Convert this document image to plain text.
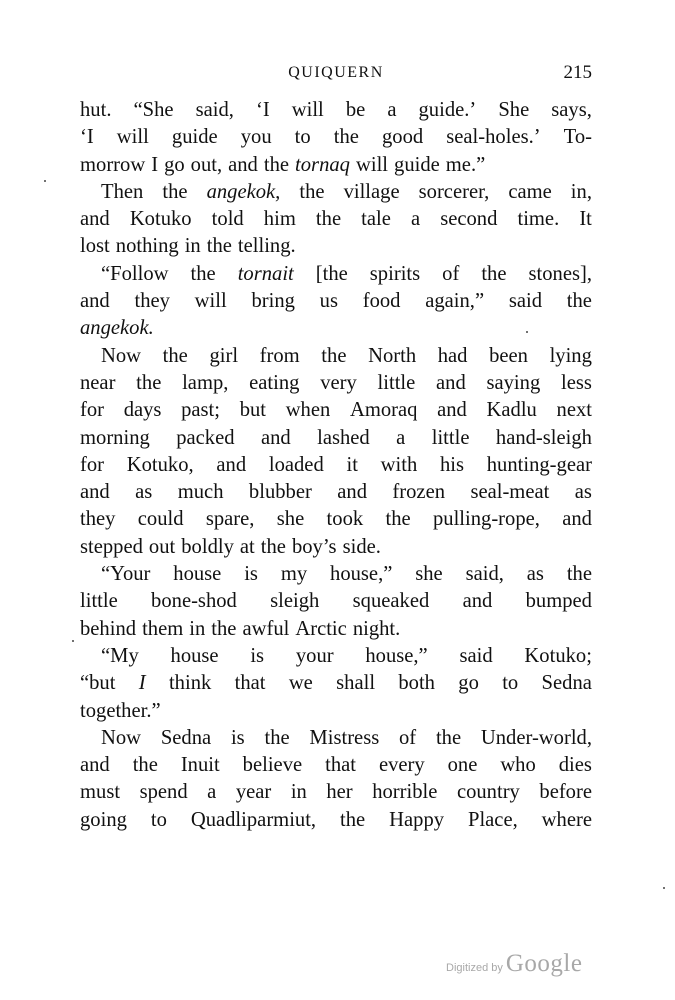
QUIQUERN	215
hut. “She said, ‘I will be a guide.’ She says,
‘I will guide you to the good seal-holes.’ To-
morrow I go out, and the tornaq will guide me.”
Then the angekok, the village sorcerer, came in,
and Kotuko told him the tale a second time. It
lost nothing in the telling.
“Follow the tornait [the spirits of the stones],
and they will bring us food again,” said the
angekok.
Now the girl from the North had been lying
near the lamp, eating very little and saying less
for days past; but when Amoraq and Kadlu next
morning packed and lashed a little hand-sleigh
for Kotuko, and loaded it with his hunting-gear
and as much blubber and frozen seal-meat as
they could spare, she took the pulling-rope, and
stepped out boldly at the boy’s side.
“Your house is my house,” she said, as the
little bone-shod sleigh squeaked and bumped
behind them in the awful Arctic night.
“My house is your house,” said Kotuko;
“but I think that we shall both go to Sedna
together.”
Now Sedna is the Mistress of the Under-world,
and the Inuit believe that every one who dies
must spend a year in her horrible country before
going to Quadliparmiut, the Happy Place, where
Digitized by Google
